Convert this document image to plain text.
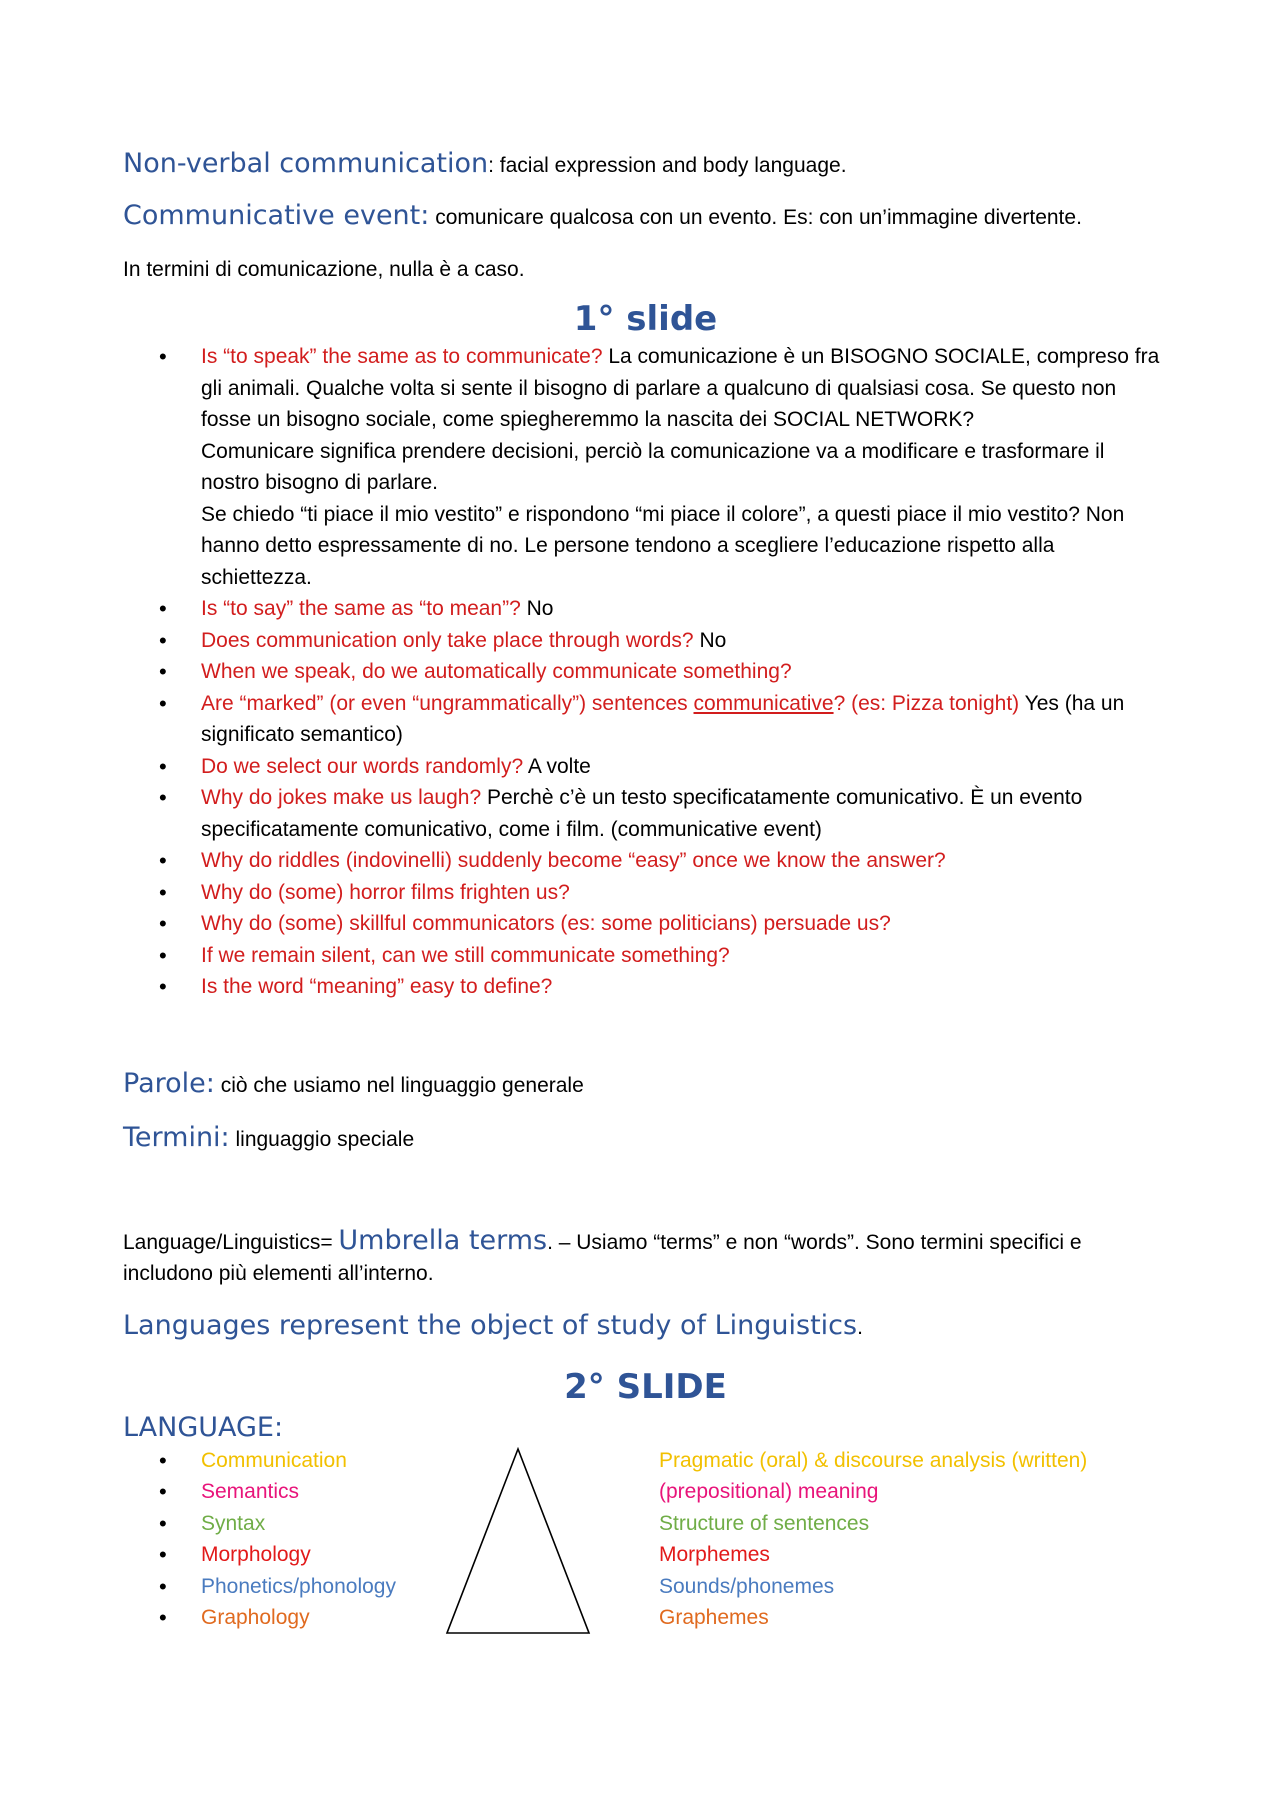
Non-verbal communication: facial expression and body language.

Communicative event: comunicare qualcosa con un evento. Es: con un’immagine divertente.

In termini di comunicazione, nulla è a caso.

1° slide
• Is “to speak” the same as to communicate? La comunicazione è un BISOGNO SOCIALE, compreso fra gli animali. Qualche volta si sente il bisogno di parlare a qualcuno di qualsiasi cosa. Se questo non fosse un bisogno sociale, come spiegheremmo la nascita dei SOCIAL NETWORK?
Comunicare significa prendere decisioni, perciò la comunicazione va a modificare e trasformare il nostro bisogno di parlare.
Se chiedo “ti piace il mio vestito” e rispondono “mi piace il colore”, a questi piace il mio vestito? Non hanno detto espressamente di no. Le persone tendono a scegliere l’educazione rispetto alla schiettezza.
• Is “to say” the same as “to mean”? No
• Does communication only take place through words? No
• When we speak, do we automatically communicate something?
• Are “marked” (or even “ungrammatically”) sentences communicative? (es: Pizza tonight) Yes (ha un significato semantico)
• Do we select our words randomly? A volte
• Why do jokes make us laugh? Perchè c’è un testo specificatamente comunicativo. È un evento specificatamente comunicativo, come i film. (communicative event)
• Why do riddles (indovinelli) suddenly become “easy” once we know the answer?
• Why do (some) horror films frighten us?
• Why do (some) skillful communicators (es: some politicians) persuade us?
• If we remain silent, can we still communicate something?
• Is the word “meaning” easy to define?

Parole: ciò che usiamo nel linguaggio generale

Termini: linguaggio speciale

Language/Linguistics= Umbrella terms. – Usiamo “terms” e non “words”. Sono termini specifici e includono più elementi all’interno.

Languages represent the object of study of Linguistics.

2° SLIDE

LANGUAGE:

• Communication
• Semantics
• Syntax
• Morphology
• Phonetics/phonology
• Graphology
Pragmatic (oral) & discourse analysis (written)
(prepositional) meaning
Structure of sentences
Morphemes
Sounds/phonemes
Graphemes
